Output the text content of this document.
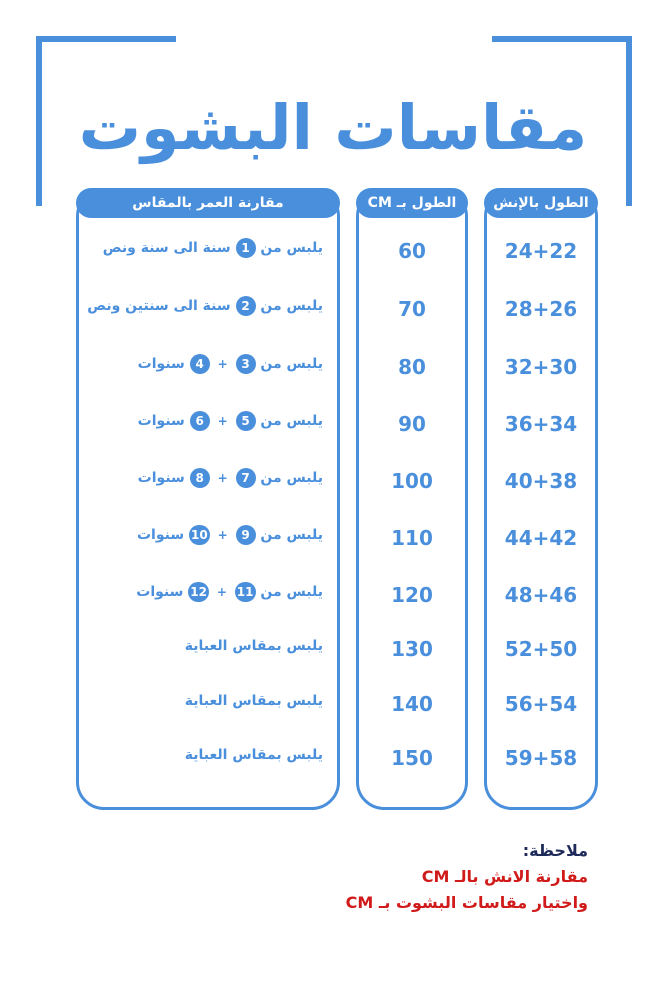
مقاسات البشوت
الطول بالإنش
24+22
28+26
32+30
36+34
40+38
44+42
48+46
52+50
56+54
59+58
الطول بـ CM
60
70
80
90
100
110
120
130
140
150
مقارنة العمر بالمقاس
يلبس من 1 سنة الى سنة ونص
يلبس من 2 سنة الى سنتين ونص
يلبس من 3 + 4 سنوات
يلبس من 5 + 6 سنوات
يلبس من 7 + 8 سنوات
يلبس من 9 + 10 سنوات
يلبس من 11 + 12 سنوات
يلبس بمقاس العباية
يلبس بمقاس العباية
يلبس بمقاس العباية
ملاحظة:
مقارنة الانش بالـ CM
واختيار مقاسات البشوت بـ CM
